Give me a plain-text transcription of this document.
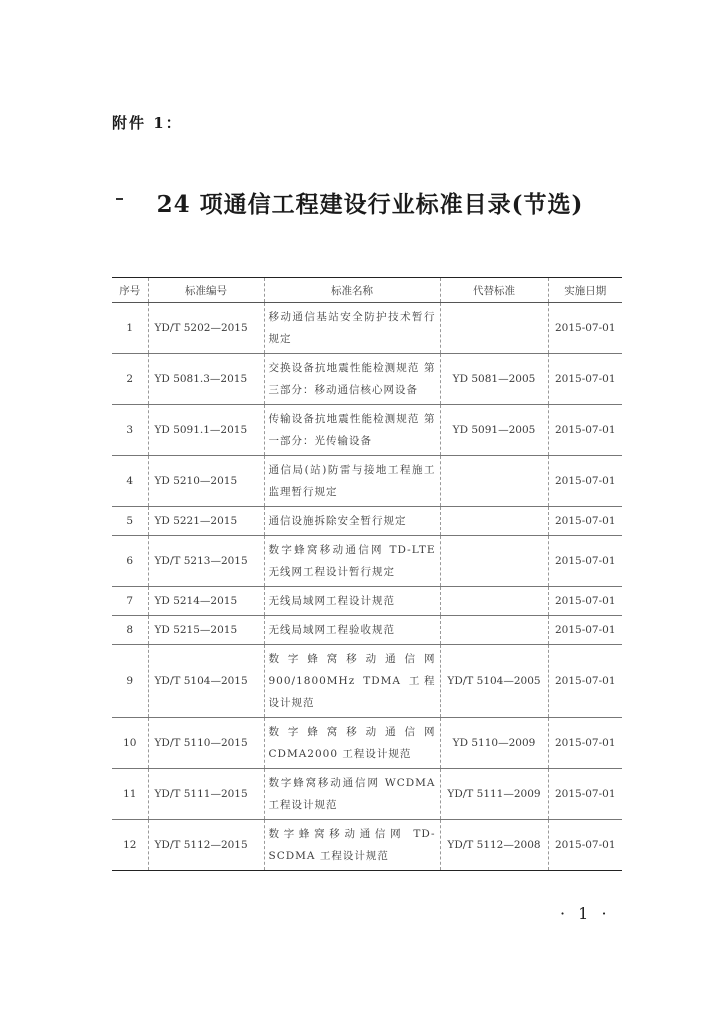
附件 1：
24 项通信工程建设行业标准目录(节选)
序号	标准编号	标准名称	代替标准	实施日期
1	YD/T 5202—2015	移动通信基站安全防护技术暂行规定		2015-07-01
2	YD 5081.3—2015	交换设备抗地震性能检测规范 第三部分：移动通信核心网设备	YD 5081—2005	2015-07-01
3	YD 5091.1—2015	传输设备抗地震性能检测规范 第一部分：光传输设备	YD 5091—2005	2015-07-01
4	YD 5210—2015	通信局(站)防雷与接地工程施工监理暂行规定		2015-07-01
5	YD 5221—2015	通信设施拆除安全暂行规定		2015-07-01
6	YD/T 5213—2015	数字蜂窝移动通信网 TD-LTE 无线网工程设计暂行规定		2015-07-01
7	YD 5214—2015	无线局域网工程设计规范		2015-07-01
8	YD 5215—2015	无线局域网工程验收规范		2015-07-01
9	YD/T 5104—2015	数字蜂窝移动通信网 900/1800MHz TDMA 工程设计规范	YD/T 5104—2005	2015-07-01
10	YD/T 5110—2015	数字蜂窝移动通信网 CDMA2000 工程设计规范	YD 5110—2009	2015-07-01
11	YD/T 5111—2015	数字蜂窝移动通信网 WCDMA 工程设计规范	YD/T 5111—2009	2015-07-01
12	YD/T 5112—2015	数字蜂窝移动通信网 TD-SCDMA 工程设计规范	YD/T 5112—2008	2015-07-01
· 1 ·
